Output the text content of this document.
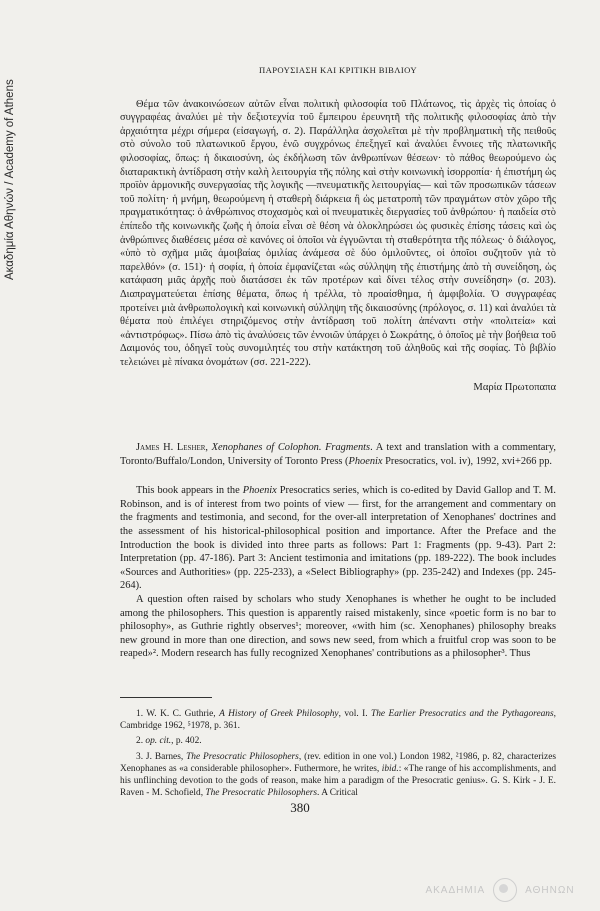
Ακαδημία Αθηνών / Academy of Athens
ΠΑΡΟΥΣΙΑΣΗ ΚΑΙ ΚΡΙΤΙΚΗ ΒΙΒΛΙΟΥ

Θέμα τῶν ἀνακοινώσεων αὐτῶν εἶναι πολιτικὴ φιλοσοφία τοῦ Πλάτωνος, τὶς ἀρχὲς τὶς ὁποίας ὁ συγγραφέας ἀναλύει μὲ τὴν δεξιοτεχνία τοῦ ἔμπειρου ἐρευνητῆ τῆς πολιτικῆς φιλοσοφίας ἀπὸ τὴν ἀρχαιότητα μέχρι σήμερα (εἰσαγωγή, σ. 2). Παράλληλα ἀσχολεῖται μὲ τὴν προβληματικὴ τῆς πειθοῦς στὸ σύνολο τοῦ πλατωνικοῦ ἔργου, ἐνῶ συγχρόνως ἐπεξηγεῖ καὶ ἀναλύει ἔννοιες τῆς πλατωνικῆς φιλοσοφίας, ὅπως: ἡ δικαιοσύνη, ὡς ἐκδήλωση τῶν ἀνθρωπίνων θέσεων· τὸ πάθος θεωρούμενο ὡς διαταρακτικὴ ἀντίδραση στὴν καλὴ λειτουργία τῆς πόλης καὶ στὴν κοινωνικὴ ἰσορροπία· ἡ ἐπιστήμη ὡς προϊὸν ἁρμονικῆς συνεργασίας τῆς λογικῆς —πνευματικῆς λειτουργίας— καὶ τῶν προσωπικῶν τάσεων τοῦ πολίτη· ἡ μνήμη, θεωρούμενη ἡ σταθερὴ διάρκεια ἢ ὡς μετατροπὴ τῶν πραγμάτων στὸν χῶρο τῆς πραγματικότητας: ὁ ἀνθρώπινος στοχασμὸς καὶ οἱ πνευματικὲς διεργασίες τοῦ ἀνθρώπου· ἡ παιδεία στὸ ἐπίπεδο τῆς κοινωνικῆς ζωῆς ἡ ὁποία εἶναι σὲ θέση νὰ ὁλοκληρώσει ὡς φυσικὲς ἐπίσης τάσεις καὶ ὡς ἀνθρώπινες διαθέσεις μέσα σὲ κανόνες οἱ ὁποῖοι νὰ ἐγγυῶνται τὴ σταθερότητα τῆς πόλεως· ὁ διάλογος, «ὑπὸ τὸ σχῆμα μιᾶς ἀμοιβαίας ὁμιλίας ἀνάμεσα σὲ δύο ὁμιλοῦντες, οἱ ὁποῖοι συζητοῦν γιὰ τὸ παρελθόν» (σ. 151)· ἡ σοφία, ἡ ὁποία ἐμφανίζεται «ὡς σύλληψη τῆς ἐπιστήμης ἀπὸ τὴ συνείδηση, ὡς κατάφαση μιᾶς ἀρχῆς ποὺ διατάσσει ἐκ τῶν προτέρων καὶ δίνει τέλος στὴν συνείδηση» (σ. 203). Διαπραγματεύεται ἐπίσης θέματα, ὅπως ἡ τρέλλα, τὸ προαίσθημα, ἡ ἀμφιβολία. Ὁ συγγραφέας προτείνει μιὰ ἀνθρωπολογικὴ καὶ κοινωνικὴ σύλληψη τῆς δικαιοσύνης (πρόλογος, σ. 11) καὶ ἀναλύει τὰ θέματα ποὺ ἐπιλέγει στηριζόμενος στὴν ἀντίδραση τοῦ πολίτη ἀπέναντι στὴν «πολιτεία» καὶ «ἀντιστρόφως». Πίσω ἀπὸ τὶς ἀναλύσεις τῶν ἐννοιῶν ὑπάρχει ὁ Σωκράτης, ὁ ὁποῖος μὲ τὴν βοήθεια τοῦ Δαιμονός του, ὁδηγεῖ τοὺς συνομιλητές του στὴν κατάκτηση τοῦ ἀληθοῦς καὶ τῆς σοφίας. Τὸ βιβλίο τελειώνει μὲ πίνακα ὀνομάτων (σσ. 221-222).

Μαρία Πρωτοπαπα

James H. Lesher, Xenophanes of Colophon. Fragments. A text and translation with a commentary, Toronto/Buffalo/London, University of Toronto Press (Phoenix Presocratics, vol. iv), 1992, xvi+266 pp.

This book appears in the Phoenix Presocratics series, which is co-edited by David Gallop and T. M. Robinson, and is of interest from two points of view — first, for the arrangement and commentary on the fragments and testimonia, and second, for the over-all interpretation of Xenophanes' doctrines and the assessment of his historical-philosophical position and importance. After the Preface and the Introduction the book is divided into three parts as follows: Part 1: Fragments (pp. 9-43). Part 2: Interpretation (pp. 47-186). Part 3: Ancient testimonia and imitations (pp. 189-222). The book includes «Sources and Authorities» (pp. 225-233), a «Select Bibliography» (pp. 235-242) and Indexes (pp. 245-264).

A question often raised by scholars who study Xenophanes is whether he ought to be included among the philosophers. This question is apparently raised mistakenly, since «poetic form is no bar to philosophy», as Guthrie rightly observes¹; moreover, «with him (sc. Xenophanes) philosophy breaks new ground in more than one direction, and sows new seed, from which a fruitful crop was soon to be reaped»². Modern research has fully recognized Xenophanes' contributions as a philosopher³. Thus

1. W. K. C. Guthrie, A History of Greek Philosophy, vol. I. The Earlier Presocratics and the Pythagoreans, Cambridge 1962, ⁵1978, p. 361.

2. op. cit., p. 402.

3. J. Barnes, The Presocratic Philosophers, (rev. edition in one vol.) London 1982, ²1986, p. 82, characterizes Xenophanes as «a considerable philosopher». Futhermore, he writes, ibid.: «The range of his accomplishments, and his unflinching devotion to the gods of reason, make him a paradigm of the Presocratic genius». G. S. Kirk - J. E. Raven - M. Schofield, The Presocratic Philosophers. A Critical

380
ΑΚΑΔΗΜΙΑ	ΑΘΗΝΩΝ
